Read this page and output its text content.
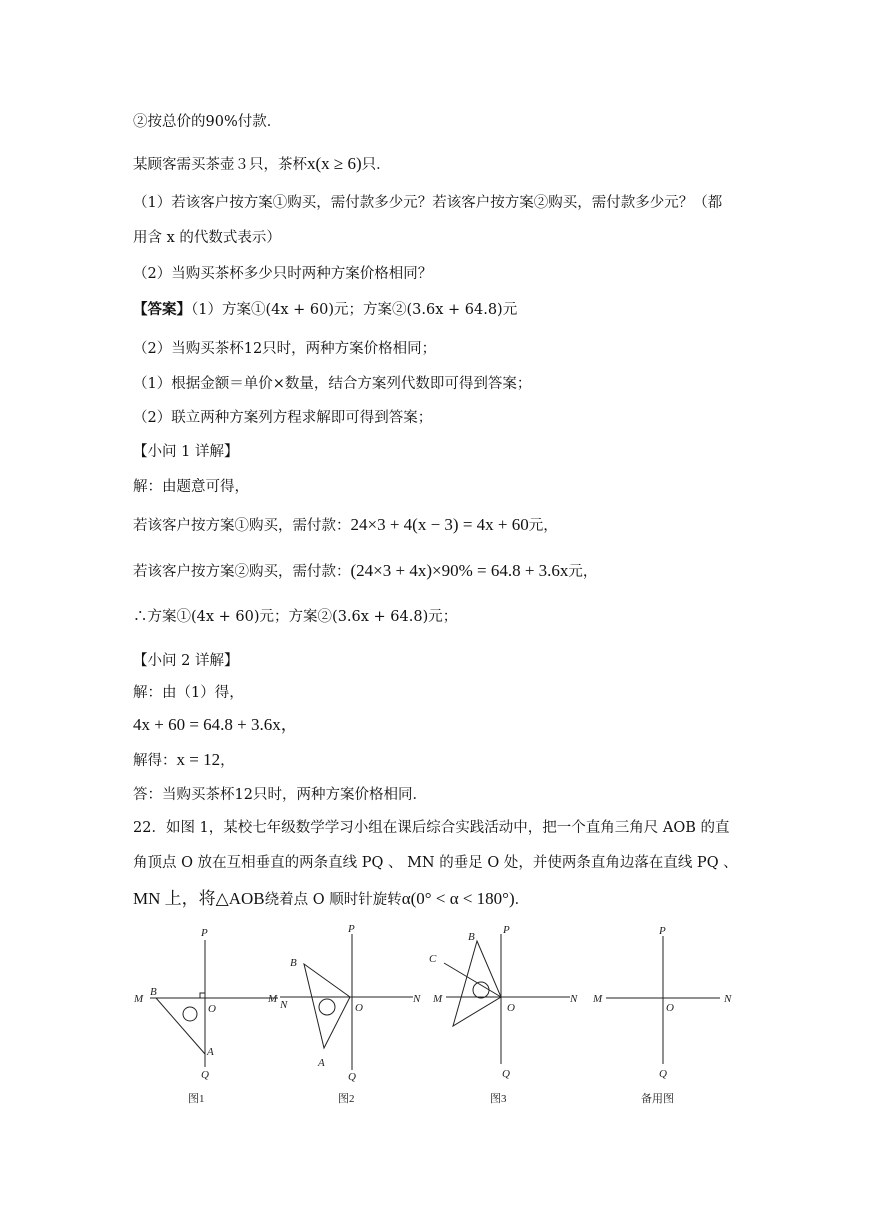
②按总价的90%付款．
某顾客需买茶壶３只，茶杯x(x ≥ 6)只．
（1）若该客户按方案①购买，需付款多少元？若该客户按方案②购买，需付款多少元？（都
用含 x 的代数式表示）
（2）当购买茶杯多少只时两种方案价格相同？
【答案】（1）方案①(4x + 60)元；方案②(3.6x + 64.8)元
（2）当购买茶杯12只时，两种方案价格相同；
（1）根据金额＝单价×数量，结合方案列代数即可得到答案；
（2）联立两种方案列方程求解即可得到答案；
【小问 1 详解】
解：由题意可得，
若该客户按方案①购买，需付款：24×3 + 4(x − 3) = 4x + 60元，
若该客户按方案②购买，需付款：(24×3 + 4x)×90% = 64.8 + 3.6x元，
∴方案①(4x + 60)元；方案②(3.6x + 64.8)元；
【小问 2 详解】
解：由（1）得，
4x + 60 = 64.8 + 3.6x，
解得：x = 12，
答：当购买茶杯12只时，两种方案价格相同．
22．如图 1，某校七年级数学学习小组在课后综合实践活动中，把一个直角三角尺 AOB 的直
角顶点 O 放在互相垂直的两条直线 PQ 、 MN 的垂足 O 处，并使两条直角边落在直线 PQ 、
MN 上，将△AOB绕着点 O 顺时针旋转α(0° < α < 180°)．
P
Q
M	N
O
B
A
图1
P
Q
M	N
O
B
A
图2
P
Q
M	N
O
B
C
图3
P
Q
M	N
O
备用图
